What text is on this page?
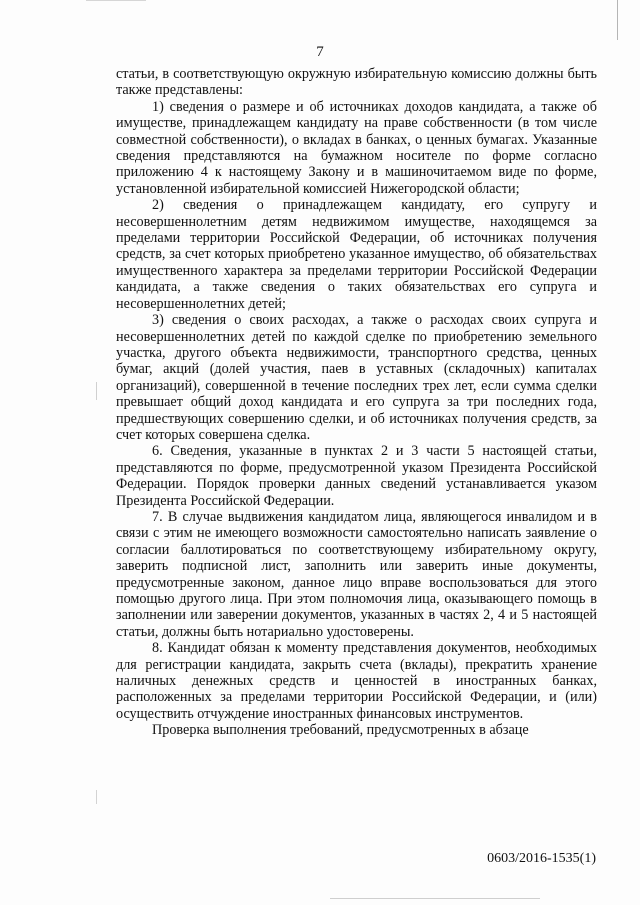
7

статьи, в соответствующую окружную избирательную комиссию должны быть также представлены:

1) сведения о размере и об источниках доходов кандидата, а также об имуществе, принадлежащем кандидату на праве собственности (в том числе совместной собственности), о вкладах в банках, о ценных бумагах. Указанные сведения представляются на бумажном носителе по форме согласно приложению 4 к настоящему Закону и в машиночитаемом виде по форме, установленной избирательной комиссией Нижегородской области;

2) сведения о принадлежащем кандидату, его супругу и несовершеннолетним детям недвижимом имуществе, находящемся за пределами территории Российской Федерации, об источниках получения средств, за счет которых приобретено указанное имущество, об обязательствах имущественного характера за пределами территории Российской Федерации кандидата, а также сведения о таких обязательствах его супруга и несовершеннолетних детей;

3) сведения о своих расходах, а также о расходах своих супруга и несовершеннолетних детей по каждой сделке по приобретению земельного участка, другого объекта недвижимости, транспортного средства, ценных бумаг, акций (долей участия, паев в уставных (складочных) капиталах организаций), совершенной в течение последних трех лет, если сумма сделки превышает общий доход кандидата и его супруга за три последних года, предшествующих совершению сделки, и об источниках получения средств, за счет которых совершена сделка.

6. Сведения, указанные в пунктах 2 и 3 части 5 настоящей статьи, представляются по форме, предусмотренной указом Президента Российской Федерации. Порядок проверки данных сведений устанавливается указом Президента Российской Федерации.

7. В случае выдвижения кандидатом лица, являющегося инвалидом и в связи с этим не имеющего возможности самостоятельно написать заявление о согласии баллотироваться по соответствующему избирательному округу, заверить подписной лист, заполнить или заверить иные документы, предусмотренные законом, данное лицо вправе воспользоваться для этого помощью другого лица. При этом полномочия лица, оказывающего помощь в заполнении или заверении документов, указанных в частях 2, 4 и 5 настоящей статьи, должны быть нотариально удостоверены.

8. Кандидат обязан к моменту представления документов, необходимых для регистрации кандидата, закрыть счета (вклады), прекратить хранение наличных денежных средств и ценностей в иностранных банках, расположенных за пределами территории Российской Федерации, и (или) осуществить отчуждение иностранных финансовых инструментов.

Проверка выполнения требований, предусмотренных в абзаце

0603/2016-1535(1)
